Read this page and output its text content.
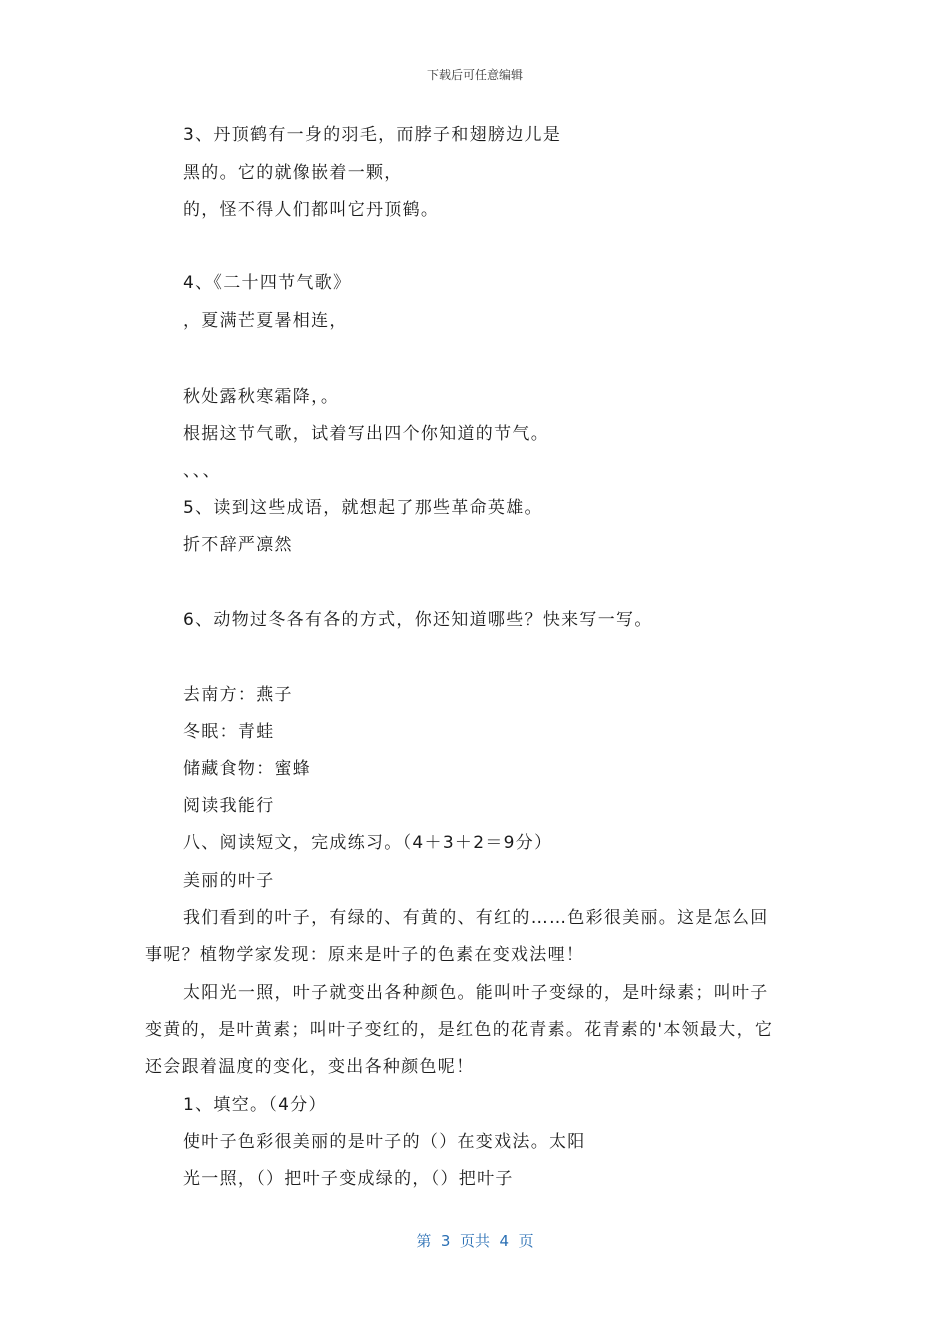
下载后可任意编辑
3、丹顶鹤有一身的羽毛，而脖子和翅膀边儿是
黑的。它的就像嵌着一颗，
的，怪不得人们都叫它丹顶鹤。
4、《二十四节气歌》
，夏满芒夏暑相连，
秋处露秋寒霜降，。
根据这节气歌，试着写出四个你知道的节气。
、、、
5、读到这些成语，就想起了那些革命英雄。
折不辞严凛然
6、动物过冬各有各的方式，你还知道哪些？快来写一写。
去南方：燕子
冬眠：青蛙
储藏食物：蜜蜂
阅读我能行
八、阅读短文，完成练习。（4＋3＋2＝9分）
美丽的叶子
我们看到的叶子，有绿的、有黄的、有红的……色彩很美丽。这是怎么回
事呢？植物学家发现：原来是叶子的色素在变戏法哩！
太阳光一照，叶子就变出各种颜色。能叫叶子变绿的，是叶绿素；叫叶子
变黄的，是叶黄素；叫叶子变红的，是红色的花青素。花青素的'本领最大，它
还会跟着温度的变化，变出各种颜色呢！
1、填空。（4分）
使叶子色彩很美丽的是叶子的（）在变戏法。太阳
光一照，（）把叶子变成绿的，（）把叶子
第  3  页共  4  页
